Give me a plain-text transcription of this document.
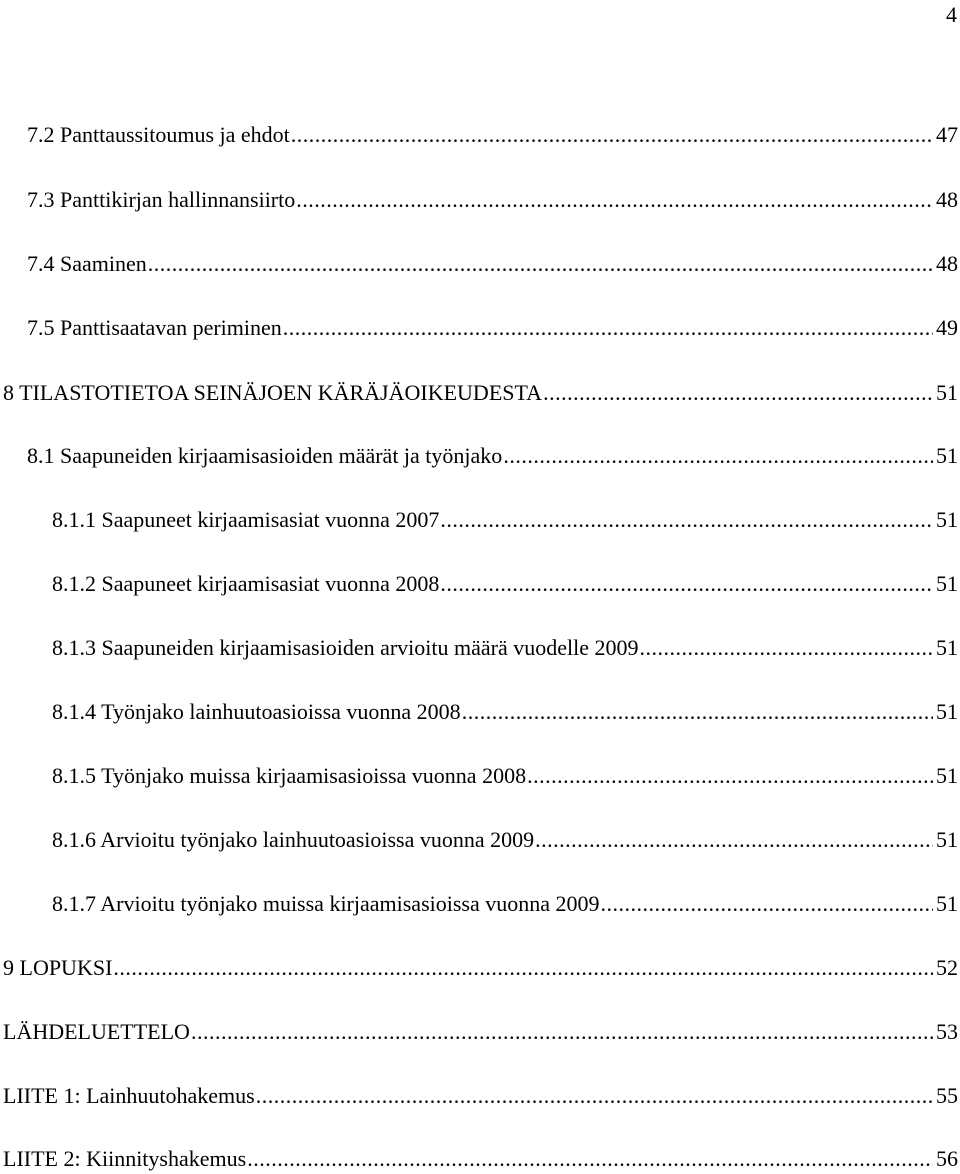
4
7.2 Panttaussitoumus ja ehdot .....	47
7.3 Panttikirjan hallinnansiirto .....	48
7.4 Saaminen .....	48
7.5 Panttisaatavan periminen .....	49
8 TILASTOTIETOA SEINÄJOEN KÄRÄJÄOIKEUDESTA .....	51
8.1 Saapuneiden kirjaamisasioiden määrät ja työnjako .....	51
8.1.1 Saapuneet kirjaamisasiat vuonna 2007 .....	51
8.1.2 Saapuneet kirjaamisasiat vuonna 2008 .....	51
8.1.3 Saapuneiden kirjaamisasioiden arvioitu määrä vuodelle 2009 .....	51
8.1.4 Työnjako lainhuutoasioissa vuonna 2008 .....	51
8.1.5 Työnjako muissa kirjaamisasioissa vuonna 2008 .....	51
8.1.6 Arvioitu työnjako lainhuutoasioissa vuonna 2009 .....	51
8.1.7 Arvioitu työnjako muissa kirjaamisasioissa vuonna 2009 .....	51
9 LOPUKSI .....	52
LÄHDELUETTELO .....	53
LIITE 1: Lainhuutohakemus .....	55
LIITE 2: Kiinnityshakemus .....	56
